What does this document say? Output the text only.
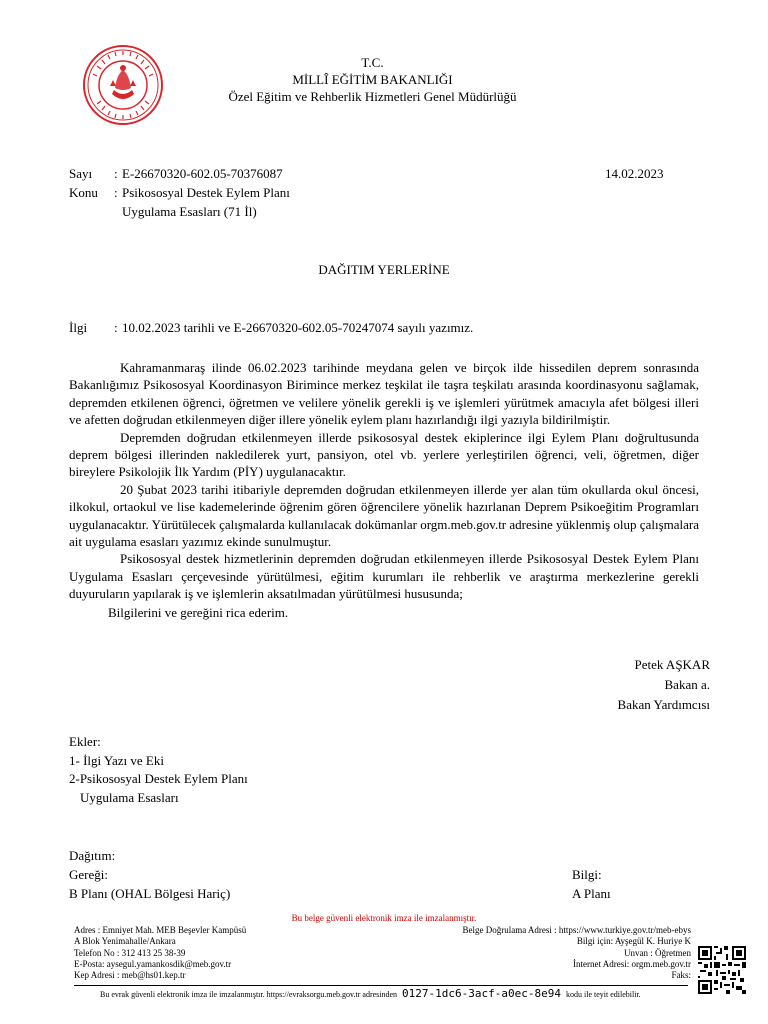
T.C.
MİLLÎ EĞİTİM BAKANLIĞI
Özel Eğitim ve Rehberlik Hizmetleri Genel Müdürlüğü
Sayı : E-26670320-602.05-70376087	14.02.2023
Konu : Psikososyal Destek Eylem Planı
Uygulama Esasları (71 İl)
DAĞITIM YERLERİNE
İlgi : 10.02.2023 tarihli ve E-26670320-602.05-70247074 sayılı yazımız.

Kahramanmaraş ilinde 06.02.2023 tarihinde meydana gelen ve birçok ilde hissedilen deprem sonrasında Bakanlığımız Psikososyal Koordinasyon Birimince merkez teşkilat ile taşra teşkilatı arasında koordinasyonu sağlamak, depremden etkilenen öğrenci, öğretmen ve velilere yönelik gerekli iş ve işlemleri yürütmek amacıyla afet bölgesi illeri ve afetten doğrudan etkilenmeyen diğer illere yönelik eylem planı hazırlandığı ilgi yazıyla bildirilmiştir.

Depremden doğrudan etkilenmeyen illerde psikososyal destek ekiplerince ilgi Eylem Planı doğrultusunda deprem bölgesi illerinden nakledilerek yurt, pansiyon, otel vb. yerlere yerleştirilen öğrenci, veli, öğretmen, diğer bireylere Psikolojik İlk Yardım (PİY) uygulanacaktır.

20 Şubat 2023 tarihi itibariyle depremden doğrudan etkilenmeyen illerde yer alan tüm okullarda okul öncesi, ilkokul, ortaokul ve lise kademelerinde öğrenim gören öğrencilere yönelik hazırlanan Deprem Psikoeğitim Programları uygulanacaktır. Yürütülecek çalışmalarda kullanılacak dokümanlar orgm.meb.gov.tr adresine yüklenmiş olup çalışmalara ait uygulama esasları yazımız ekinde sunulmuştur.

Psikososyal destek hizmetlerinin depremden doğrudan etkilenmeyen illerde Psikososyal Destek Eylem Planı Uygulama Esasları çerçevesinde yürütülmesi, eğitim kurumları ile rehberlik ve araştırma merkezlerine gerekli duyuruların yapılarak iş ve işlemlerin aksatılmadan yürütülmesi hususunda;

Bilgilerini ve gereğini rica ederim.

Petek AŞKAR
Bakan a.
Bakan Yardımcısı
Ekler:
1- İlgi Yazı ve Eki
2-Psikososyal Destek Eylem Planı
Uygulama Esasları
Dağıtım:
Gereği:
B Planı (OHAL Bölgesi Hariç)
Bilgi:
A Planı
Bu belge güvenli elektronik imza ile imzalanmıştır.
Adres : Emniyet Mah. MEB Beşevler Kampüsü
A Blok Yenimahalle/Ankara
Telefon No : 312 413 25 38-39
E-Posta: aysegul.yamankosdik@meb.gov.tr
Kep Adresi : meb@hs01.kep.tr
Belge Doğrulama Adresi : https://www.turkiye.gov.tr/meb-ebys
Bilgi için: Ayşegül K. Huriye K
Unvan : Öğretmen
İnternet Adresi: orgm.meb.gov.tr
Faks:
Bu evrak güvenli elektronik imza ile imzalanmıştır. https://evraksorgu.meb.gov.tr adresinden 0127-1dc6-3acf-a0ec-8e94 kodu ile teyit edilebilir.
